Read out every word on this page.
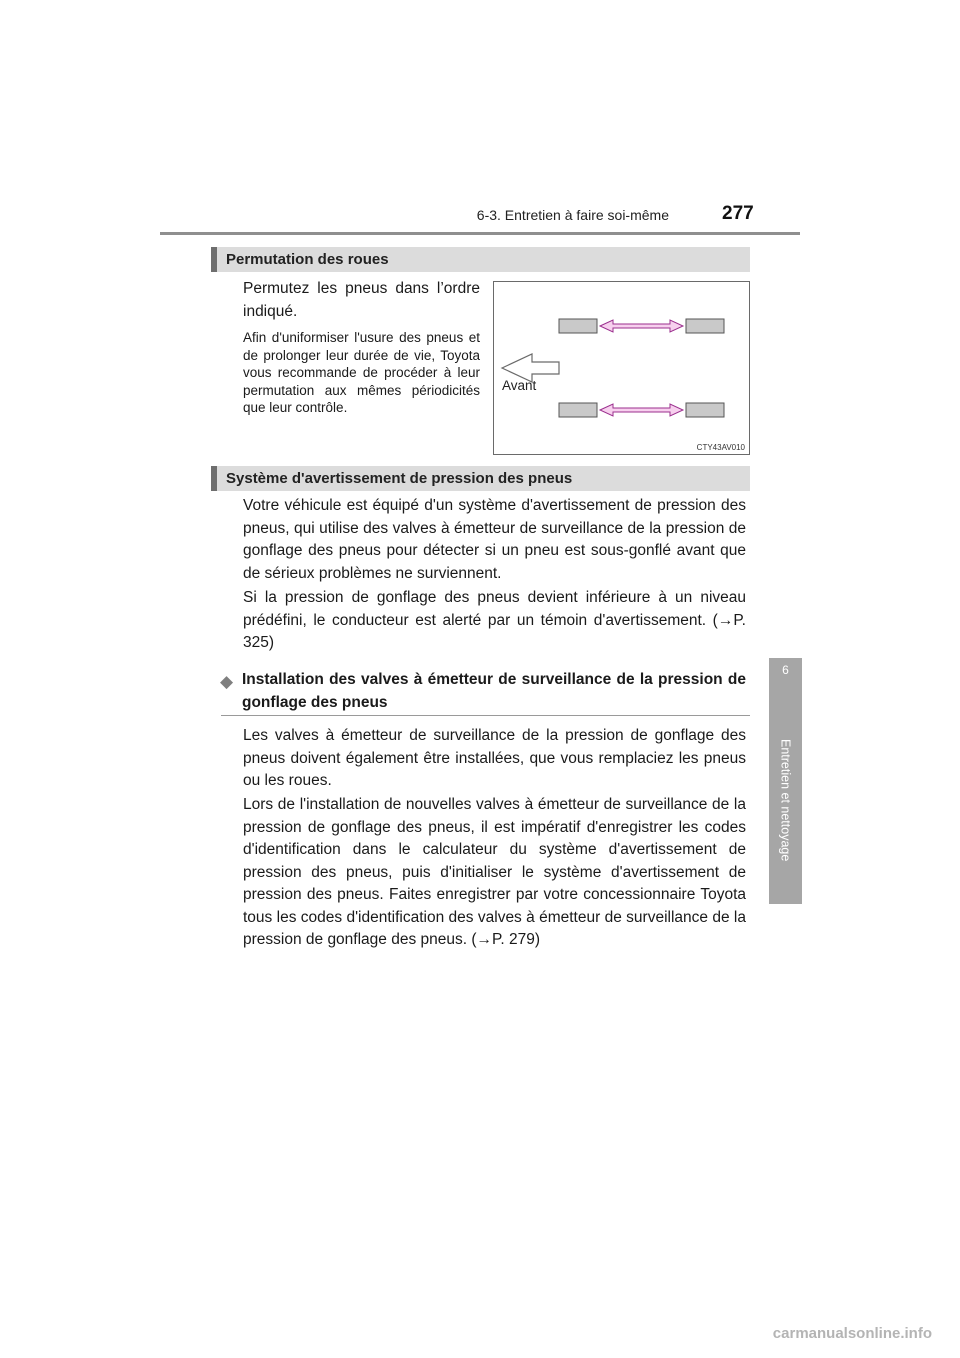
6-3. Entretien à faire soi-même	277
6
Entretien et nettoyage
Permutation des roues

Permutez les pneus dans l’ordre indiqué.

Afin d'uniformiser l'usure des pneus et de prolonger leur durée de vie, Toyota vous recommande de procéder à leur permutation aux mêmes périodicités que leur contrôle.

Avant
CTY43AV010
Système d'avertissement de pression des pneus

Votre véhicule est équipé d'un système d'avertissement de pression des pneus, qui utilise des valves à émetteur de surveillance de la pression de gonflage des pneus pour détecter si un pneu est sous-gonflé avant que de sérieux problèmes ne surviennent.

Si la pression de gonflage des pneus devient inférieure à un niveau prédéfini, le conducteur est alerté par un témoin d'avertissement. (→P. 325)

◆ Installation des valves à émetteur de surveillance de la pression de gonflage des pneus

Les valves à émetteur de surveillance de la pression de gonflage des pneus doivent également être installées, que vous remplaciez les pneus ou les roues.

Lors de l'installation de nouvelles valves à émetteur de surveillance de la pression de gonflage des pneus, il est impératif d'enregistrer les codes d'identification dans le calculateur du système d'avertissement de pression des pneus, puis d'initialiser le système d'avertissement de pression des pneus. Faites enregistrer par votre concessionnaire Toyota tous les codes d'identification des valves à émetteur de surveillance de la pression de gonflage des pneus. (→P. 279)

carmanualsonline.info
